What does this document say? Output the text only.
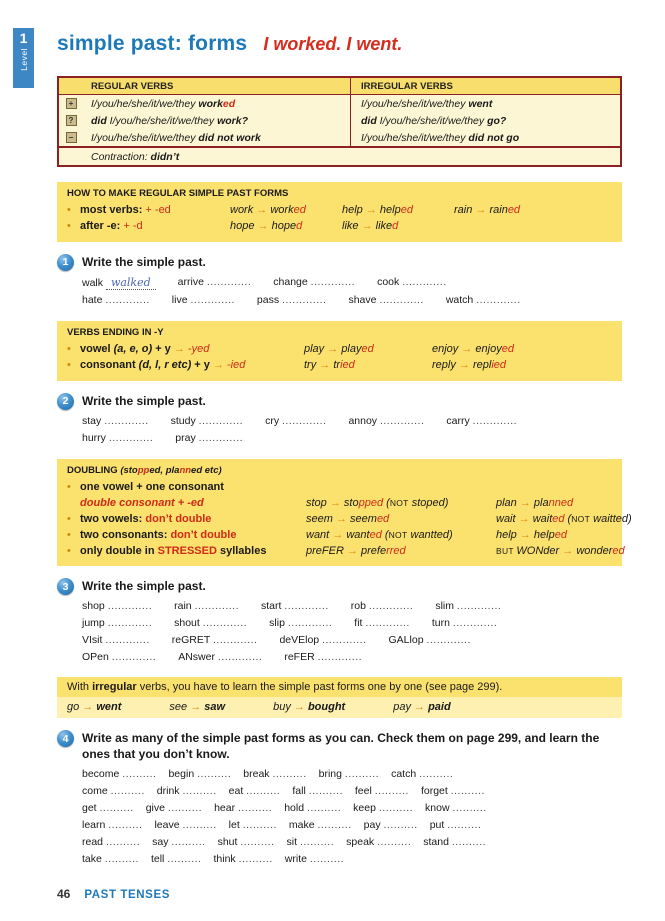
1
Level
simple past: forms I worked. I went.
REGULAR VERBS	IRREGULAR VERBS
+	I/you/he/she/it/we/they worked	I/you/he/she/it/we/they went
?	did I/you/he/she/it/we/they work?	did I/you/he/she/it/we/they go?
−	I/you/he/she/it/we/they did not work	I/you/he/she/it/we/they did not go
Contraction: didn’t
HOW TO MAKE REGULAR SIMPLE PAST FORMS
• most verbs: + -ed	work → worked	help → helped	rain → rained
• after -e: + -d	hope → hoped	like → liked
1	Write the simple past.
walk walked	arrive ............. change ............. cook .............
hate ............. live ............. pass ............. shave ............. watch .............
VERBS ENDING IN -Y
• vowel (a, e, o) + y → -yed	play → played	enjoy → enjoyed
• consonant (d, l, r etc) + y → -ied	try → tried	reply → replied
2	Write the simple past.
stay ............. study ............. cry ............. annoy ............. carry .............
hurry ............. pray .............
DOUBLING (stopped, planned etc)
• one vowel + one consonant
double consonant + -ed	stop → stopped (NOT stoped)	plan → planned
• two vowels: don’t double	seem → seemed	wait → waited (NOT waitted)
• two consonants: don’t double	want → wanted (NOT wantted)	help → helped
• only double in STRESSED syllables	preFER → preferred	BUT WONder → wondered
3	Write the simple past.
shop ............. rain ............. start ............. rob ............. slim .............
jump ............. shout ............. slip ............. fit ............. turn .............
VIsit ............. reGRET ............. deVElop ............. GALlop .............
OPen ............. ANswer ............. reFER .............
With irregular verbs, you have to learn the simple past forms one by one (see page 299).
go → went	see → saw	buy → bought	pay → paid
4	Write as many of the simple past forms as you can. Check them on page 299, and learn the ones that you don’t know.
become .......... begin .......... break .......... bring .......... catch ..........
come .......... drink .......... eat .......... fall .......... feel .......... forget ..........
get .......... give .......... hear .......... hold .......... keep .......... know ..........
learn .......... leave .......... let .......... make .......... pay .......... put ..........
read .......... say .......... shut .......... sit .......... speak .......... stand ..........
take .......... tell .......... think .......... write ..........
46 PAST TENSES
